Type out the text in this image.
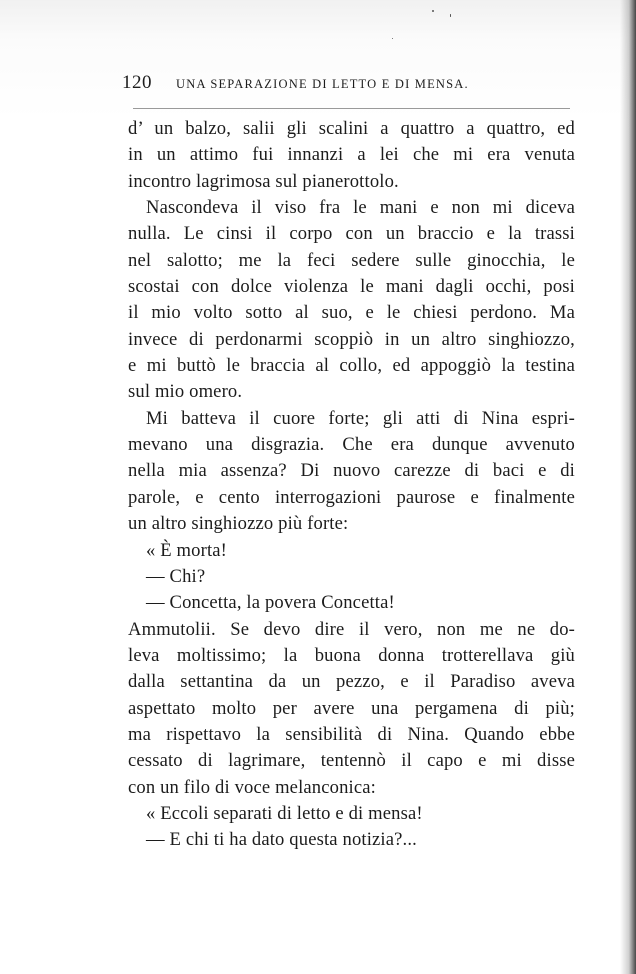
120 UNA SEPARAZIONE DI LETTO E DI MENSA.
d’ un balzo, salii gli scalini a quattro a quattro, ed
in un attimo fui innanzi a lei che mi era venuta
incontro lagrimosa sul pianerottolo.
Nascondeva il viso fra le mani e non mi diceva
nulla. Le cinsi il corpo con un braccio e la trassi
nel salotto; me la feci sedere sulle ginocchia, le
scostai con dolce violenza le mani dagli occhi, posi
il mio volto sotto al suo, e le chiesi perdono. Ma
invece di perdonarmi scoppiò in un altro singhiozzo,
e mi buttò le braccia al collo, ed appoggiò la testina
sul mio omero.
Mi batteva il cuore forte; gli atti di Nina espri-
mevano una disgrazia. Che era dunque avvenuto
nella mia assenza? Di nuovo carezze di baci e di
parole, e cento interrogazioni paurose e finalmente
un altro singhiozzo più forte:
« È morta!
— Chi?
— Concetta, la povera Concetta!
Ammutolii. Se devo dire il vero, non me ne do-
leva moltissimo; la buona donna trotterellava giù
dalla settantina da un pezzo, e il Paradiso aveva
aspettato molto per avere una pergamena di più;
ma rispettavo la sensibilità di Nina. Quando ebbe
cessato di lagrimare, tentennò il capo e mi disse
con un filo di voce melanconica:
« Eccoli separati di letto e di mensa!
— E chi ti ha dato questa notizia?...
